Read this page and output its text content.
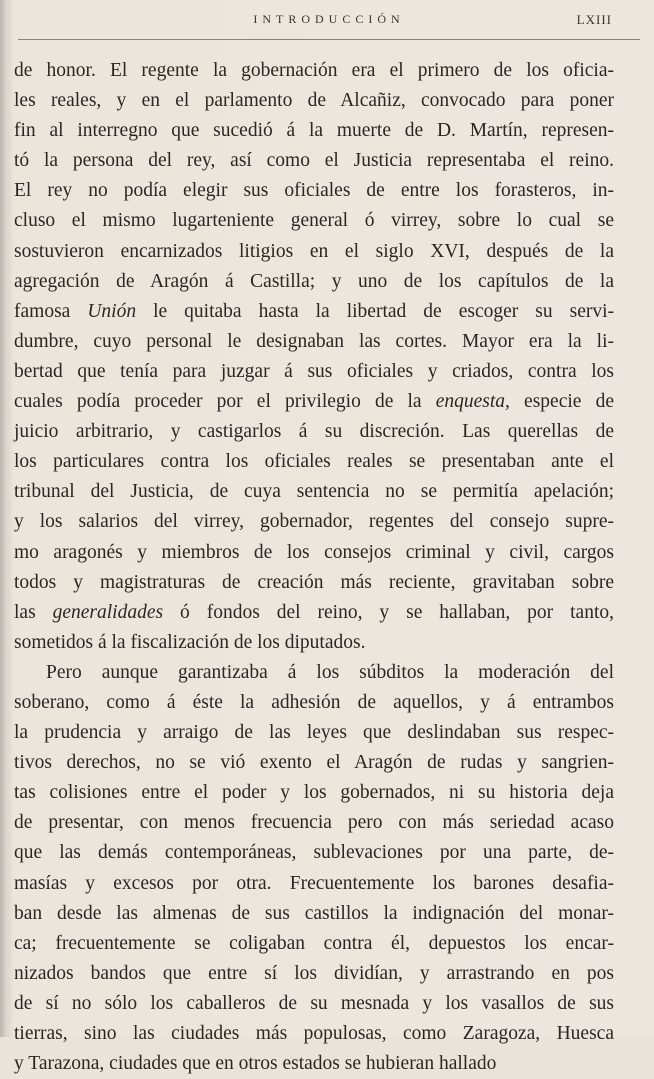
INTRODUCCIÓN	LXIII
de honor. El regente la gobernación era el primero de los oficia-
les reales, y en el parlamento de Alcañiz, convocado para poner
fin al interregno que sucedió á la muerte de D. Martín, represen-
tó la persona del rey, así como el Justicia representaba el reino.
El rey no podía elegir sus oficiales de entre los forasteros, in-
cluso el mismo lugarteniente general ó virrey, sobre lo cual se
sostuvieron encarnizados litigios en el siglo XVI, después de la
agregación de Aragón á Castilla; y uno de los capítulos de la
famosa Unión le quitaba hasta la libertad de escoger su servi-
dumbre, cuyo personal le designaban las cortes. Mayor era la li-
bertad que tenía para juzgar á sus oficiales y criados, contra los
cuales podía proceder por el privilegio de la enquesta, especie de
juicio arbitrario, y castigarlos á su discreción. Las querellas de
los particulares contra los oficiales reales se presentaban ante el
tribunal del Justicia, de cuya sentencia no se permitía apelación;
y los salarios del virrey, gobernador, regentes del consejo supre-
mo aragonés y miembros de los consejos criminal y civil, cargos
todos y magistraturas de creación más reciente, gravitaban sobre
las generalidades ó fondos del reino, y se hallaban, por tanto,
sometidos á la fiscalización de los diputados.
Pero aunque garantizaba á los súbditos la moderación del
soberano, como á éste la adhesión de aquellos, y á entrambos
la prudencia y arraigo de las leyes que deslindaban sus respec-
tivos derechos, no se vió exento el Aragón de rudas y sangrien-
tas colisiones entre el poder y los gobernados, ni su historia deja
de presentar, con menos frecuencia pero con más seriedad acaso
que las demás contemporáneas, sublevaciones por una parte, de-
masías y excesos por otra. Frecuentemente los barones desafia-
ban desde las almenas de sus castillos la indignación del monar-
ca; frecuentemente se coligaban contra él, depuestos los encar-
nizados bandos que entre sí los dividían, y arrastrando en pos
de sí no sólo los caballeros de su mesnada y los vasallos de sus
tierras, sino las ciudades más populosas, como Zaragoza, Huesca
y Tarazona, ciudades que en otros estados se hubieran hallado
